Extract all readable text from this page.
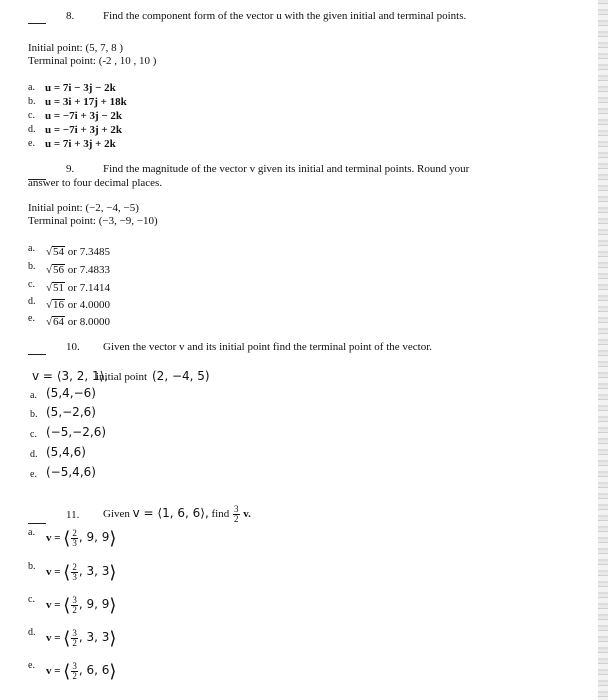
8.	Find the component form of the vector u with the given initial and terminal points.
Initial point: (5, 7, 8 )
Terminal point: (-2 , 10 , 10 )
a. u = 7i − 3j − 2k
b. u = 3i + 17j + 18k
c. u = −7i + 3j − 2k
d. u = −7i + 3j + 2k
e. u = 7i + 3j + 2k
9.	Find the magnitude of the vector v given its initial and terminal points. Round your
answer to four decimal places.
Initial point: (−2, −4, −5)
Terminal point: (−3, −9, −10)
a. √54 or 7.3485
b. √56 or 7.4833
c. √51 or 7.1414
d. √16 or 4.0000
e. √64 or 8.0000
10. Given the vector v and its initial point find the terminal point of the vector.
v = ⟨3, 2, 1⟩,
initial point (2, −4, 5)
a. (5,4,−6)
b. (5,−2,6)
c. (−5,−2,6)
d. (5,4,6)
e. (−5,4,6)
11. Given v = ⟨1, 6, 6⟩, find $\frac{3}{2} v$.
a. v = ⟨ $\frac{2}{3}$ , 9, 9⟩
b. v = ⟨ $\frac{2}{3}$ , 3, 3⟩
c. v = ⟨ $\frac{3}{2}$ , 9, 9⟩
d. v = ⟨ $\frac{3}{2}$ , 3, 3⟩
e. v = ⟨ $\frac{3}{2}$ , 6, 6⟩
